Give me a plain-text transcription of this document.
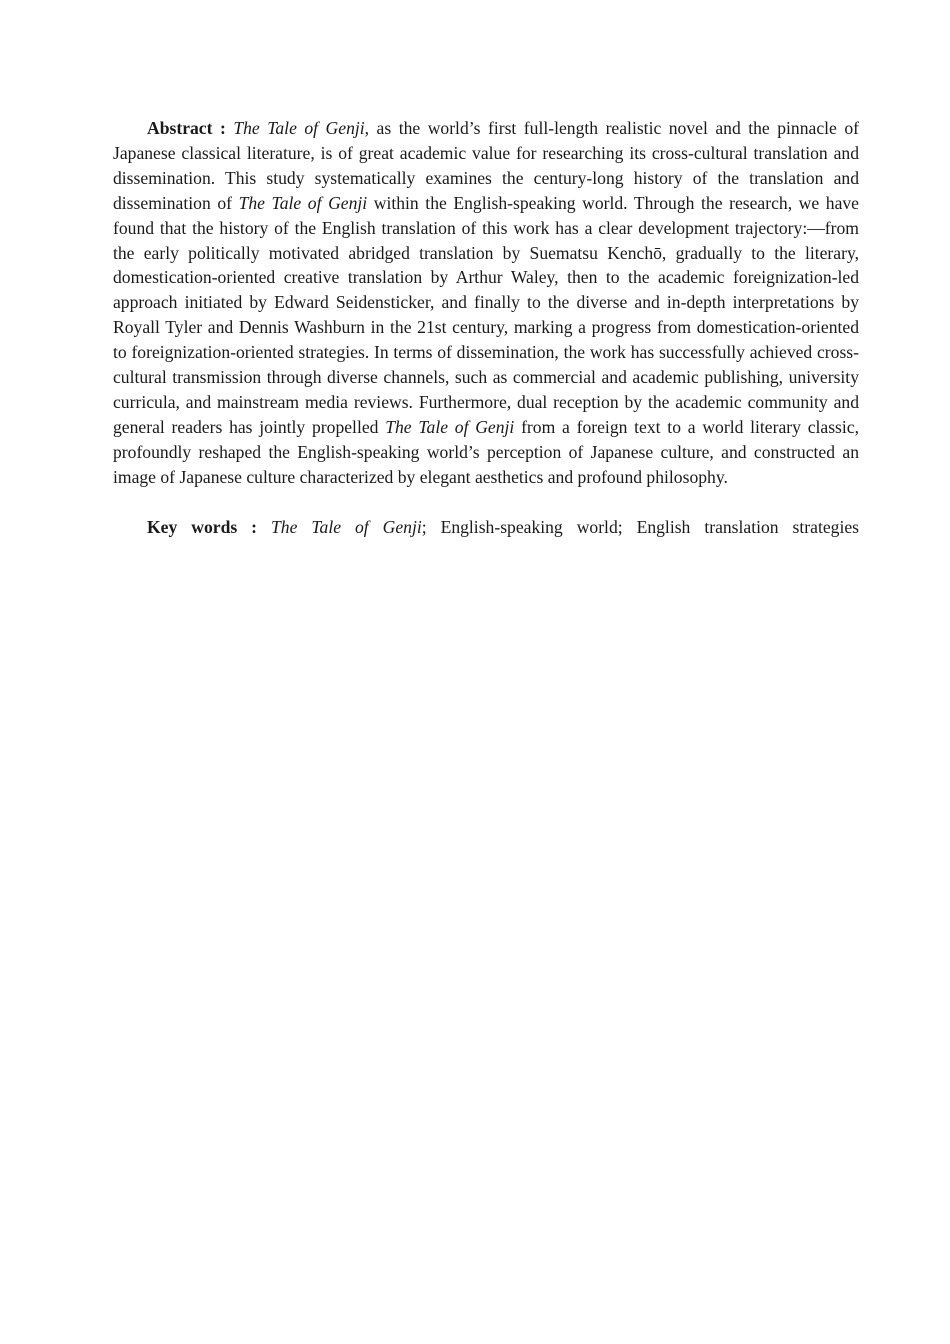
Abstract : The Tale of Genji, as the world’s first full-length realistic novel and the pinnacle of Japanese classical literature, is of great academic value for researching its cross-cultural translation and dissemination. This study systematically examines the century-long history of the translation and dissemination of The Tale of Genji within the English-speaking world. Through the research, we have found that the history of the English translation of this work has a clear development trajectory:—from the early politically motivated abridged translation by Suematsu Kenchō, gradually to the literary, domestication-oriented creative translation by Arthur Waley, then to the academic foreignization-led approach initiated by Edward Seidensticker, and finally to the diverse and in-depth interpretations by Royall Tyler and Dennis Washburn in the 21st century, marking a progress from domestication-oriented to foreignization-oriented strategies. In terms of dissemination, the work has successfully achieved cross-cultural transmission through diverse channels, such as commercial and academic publishing, university curricula, and mainstream media reviews. Furthermore, dual reception by the academic community and general readers has jointly propelled The Tale of Genji from a foreign text to a world literary classic, profoundly reshaped the English-speaking world’s perception of Japanese culture, and constructed an image of Japanese culture characterized by elegant aesthetics and profound philosophy.

Key words : The Tale of Genji; English-speaking world; English translation strategies
